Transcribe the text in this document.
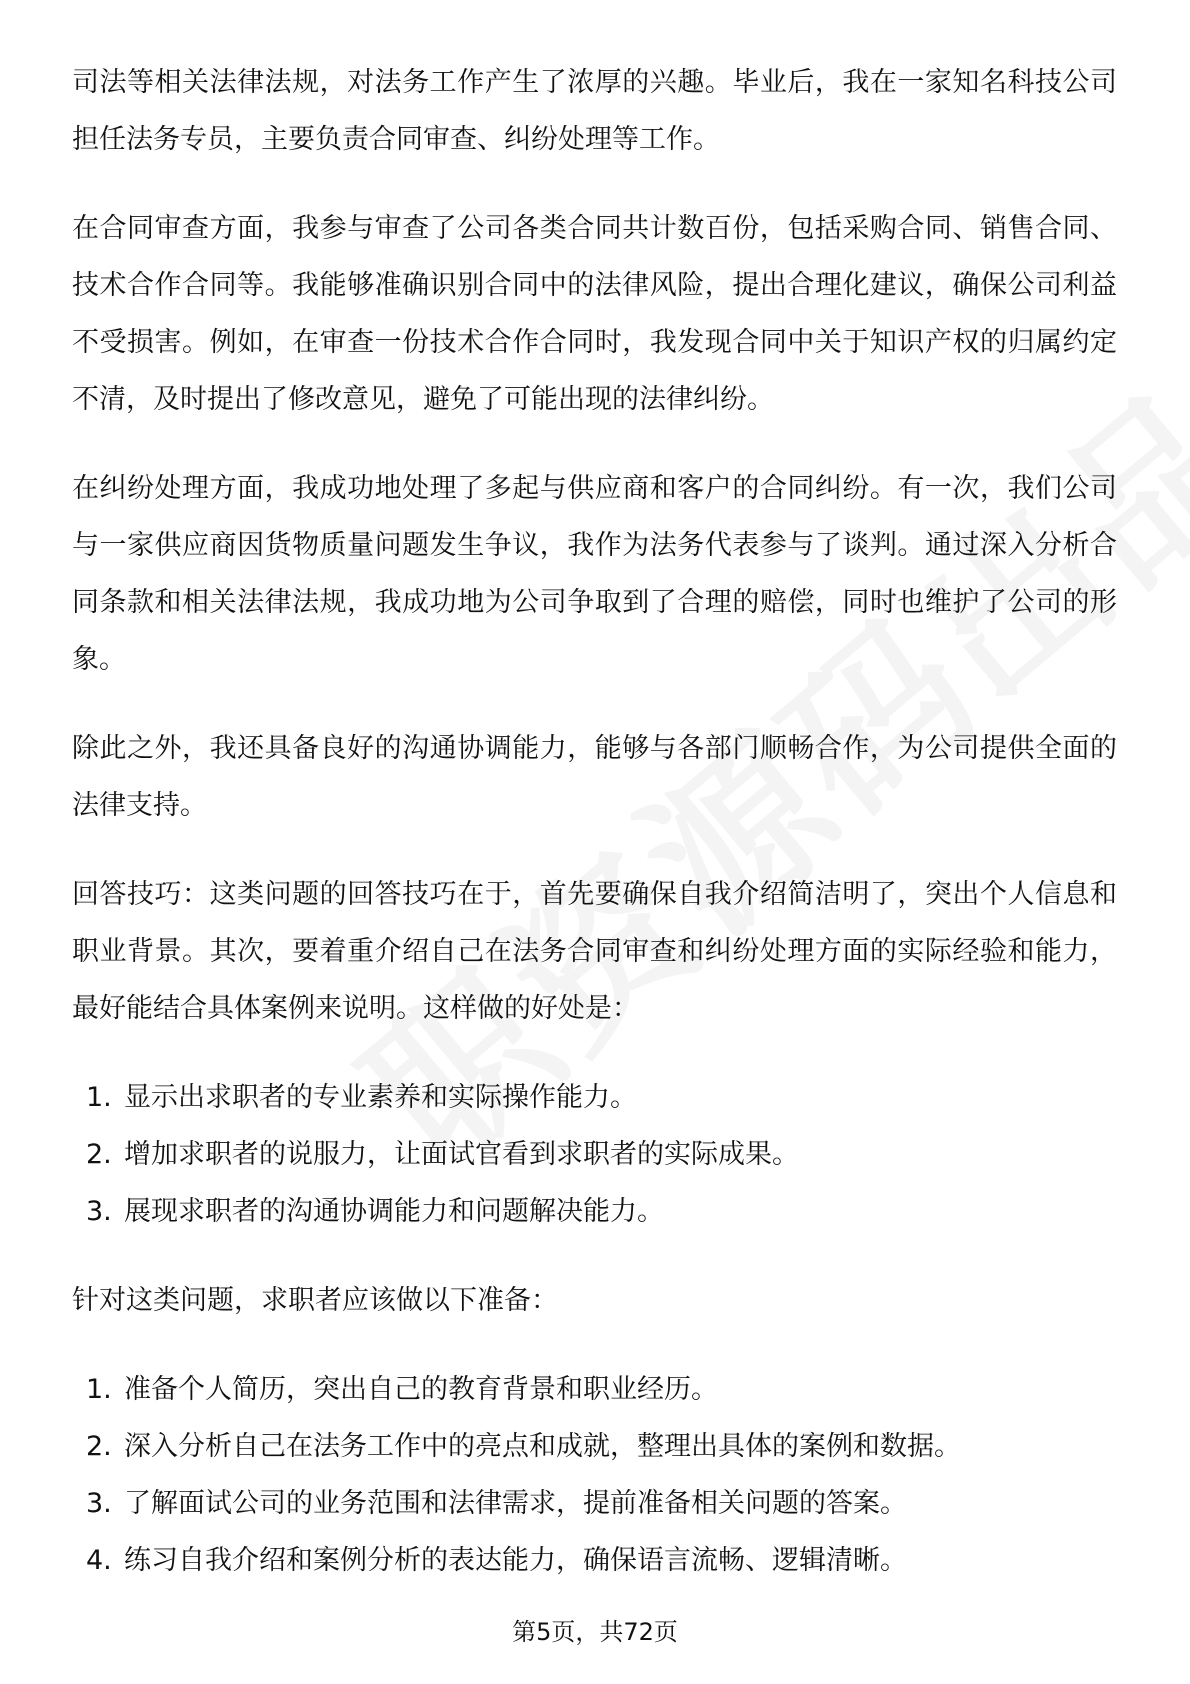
司法等相关法律法规，对法务工作产生了浓厚的兴趣。毕业后，我在一家知名科技公司担任法务专员，主要负责合同审查、纠纷处理等工作。

在合同审查方面，我参与审查了公司各类合同共计数百份，包括采购合同、销售合同、技术合作合同等。我能够准确识别合同中的法律风险，提出合理化建议，确保公司利益不受损害。例如，在审查一份技术合作合同时，我发现合同中关于知识产权的归属约定不清，及时提出了修改意见，避免了可能出现的法律纠纷。

在纠纷处理方面，我成功地处理了多起与供应商和客户的合同纠纷。有一次，我们公司与一家供应商因货物质量问题发生争议，我作为法务代表参与了谈判。通过深入分析合同条款和相关法律法规，我成功地为公司争取到了合理的赔偿，同时也维护了公司的形象。

除此之外，我还具备良好的沟通协调能力，能够与各部门顺畅合作，为公司提供全面的法律支持。

回答技巧：这类问题的回答技巧在于，首先要确保自我介绍简洁明了，突出个人信息和职业背景。其次，要着重介绍自己在法务合同审查和纠纷处理方面的实际经验和能力，最好能结合具体案例来说明。这样做的好处是：

1. 显示出求职者的专业素养和实际操作能力。
2. 增加求职者的说服力，让面试官看到求职者的实际成果。
3. 展现求职者的沟通协调能力和问题解决能力。

针对这类问题，求职者应该做以下准备：

1. 准备个人简历，突出自己的教育背景和职业经历。
2. 深入分析自己在法务工作中的亮点和成就，整理出具体的案例和数据。
3. 了解面试公司的业务范围和法律需求，提前准备相关问题的答案。
4. 练习自我介绍和案例分析的表达能力，确保语言流畅、逻辑清晰。
第5页，共72页
